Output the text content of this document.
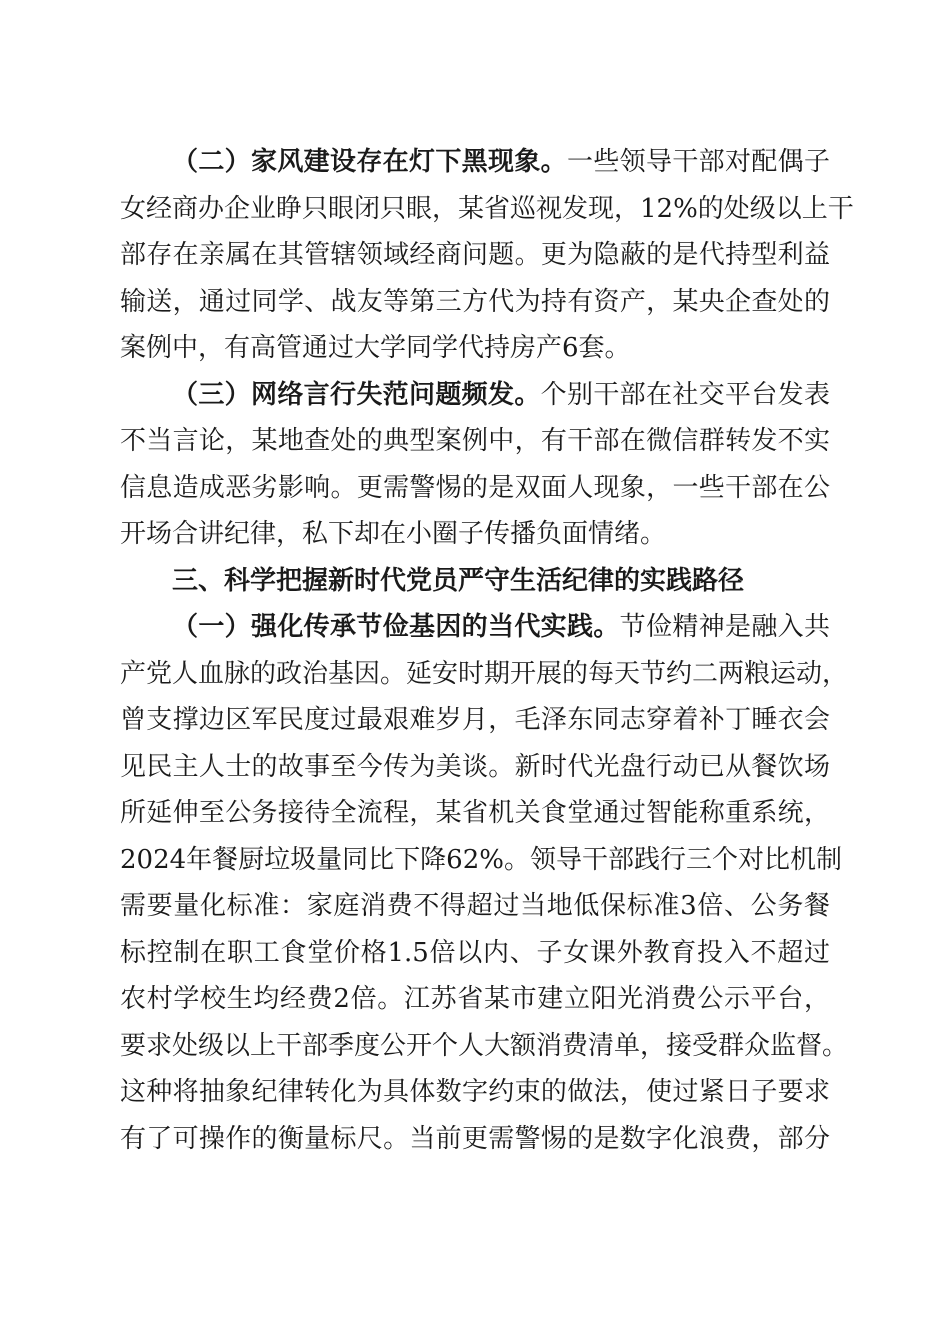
（二）家风建设存在灯下黑现象。一些领导干部对配偶子
女经商办企业睁只眼闭只眼，某省巡视发现，12%的处级以上干
部存在亲属在其管辖领域经商问题。更为隐蔽的是代持型利益
输送，通过同学、战友等第三方代为持有资产，某央企查处的
案例中，有高管通过大学同学代持房产6套。
（三）网络言行失范问题频发。个别干部在社交平台发表
不当言论，某地查处的典型案例中，有干部在微信群转发不实
信息造成恶劣影响。更需警惕的是双面人现象，一些干部在公
开场合讲纪律，私下却在小圈子传播负面情绪。
三、科学把握新时代党员严守生活纪律的实践路径
（一）强化传承节俭基因的当代实践。节俭精神是融入共
产党人血脉的政治基因。延安时期开展的每天节约二两粮运动，
曾支撑边区军民度过最艰难岁月，毛泽东同志穿着补丁睡衣会
见民主人士的故事至今传为美谈。新时代光盘行动已从餐饮场
所延伸至公务接待全流程，某省机关食堂通过智能称重系统，
2024年餐厨垃圾量同比下降62%。领导干部践行三个对比机制
需要量化标准：家庭消费不得超过当地低保标准3倍、公务餐
标控制在职工食堂价格1.5倍以内、子女课外教育投入不超过
农村学校生均经费2倍。江苏省某市建立阳光消费公示平台，
要求处级以上干部季度公开个人大额消费清单，接受群众监督。
这种将抽象纪律转化为具体数字约束的做法，使过紧日子要求
有了可操作的衡量标尺。当前更需警惕的是数字化浪费，部分
